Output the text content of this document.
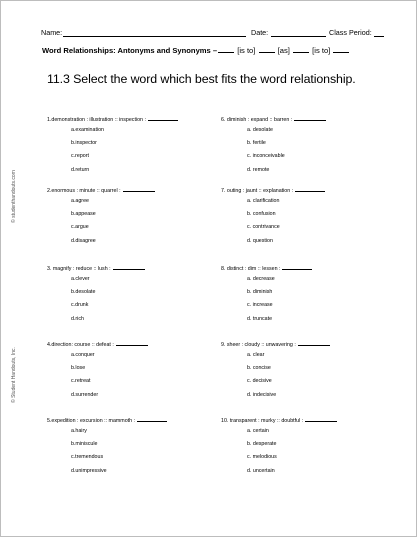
Name:	Date:	Class Period:
Word Relationships: Antonyms and Synonyms –	[is to]	[as]	[is to]
11.3 Select the word which best fits the word relationship.
© studenthandouts.com
© Student Handouts, Inc.
1.demonstration : illustration :: inspection :
a.examination
b.inspector
c.report
d.return
6. diminish : expand :: barren :
a. desolate
b. fertile
c. inconceivable
d. remote
2.enormous : minute :: quarrel :
a.agree
b.appease
c.argue
d.disagree
7. outing : jaunt :: explanation :
a. clarification
b. confusion
c. contrivance
d. question
3. magnify : reduce :: lush :
a.clever
b.desolate
c.drunk
d.rich
8. distinct : dim :: lessen :
a. decrease
b. diminish
c. increase
d. truncate
4.direction: course :: defeat :
a.conquer
b.lose
c.retreat
d.surrender
9. sheer : cloudy :: unwavering :
a. clear
b. concise
c. decisive
d. indecisive
5.expedition : excursion :: mammoth :
a.hairy
b.miniscule
c.tremendous
d.unimpressive
10. transparent : murky :: doubtful :
a. certain
b. desperate
c. melodious
d. uncertain
